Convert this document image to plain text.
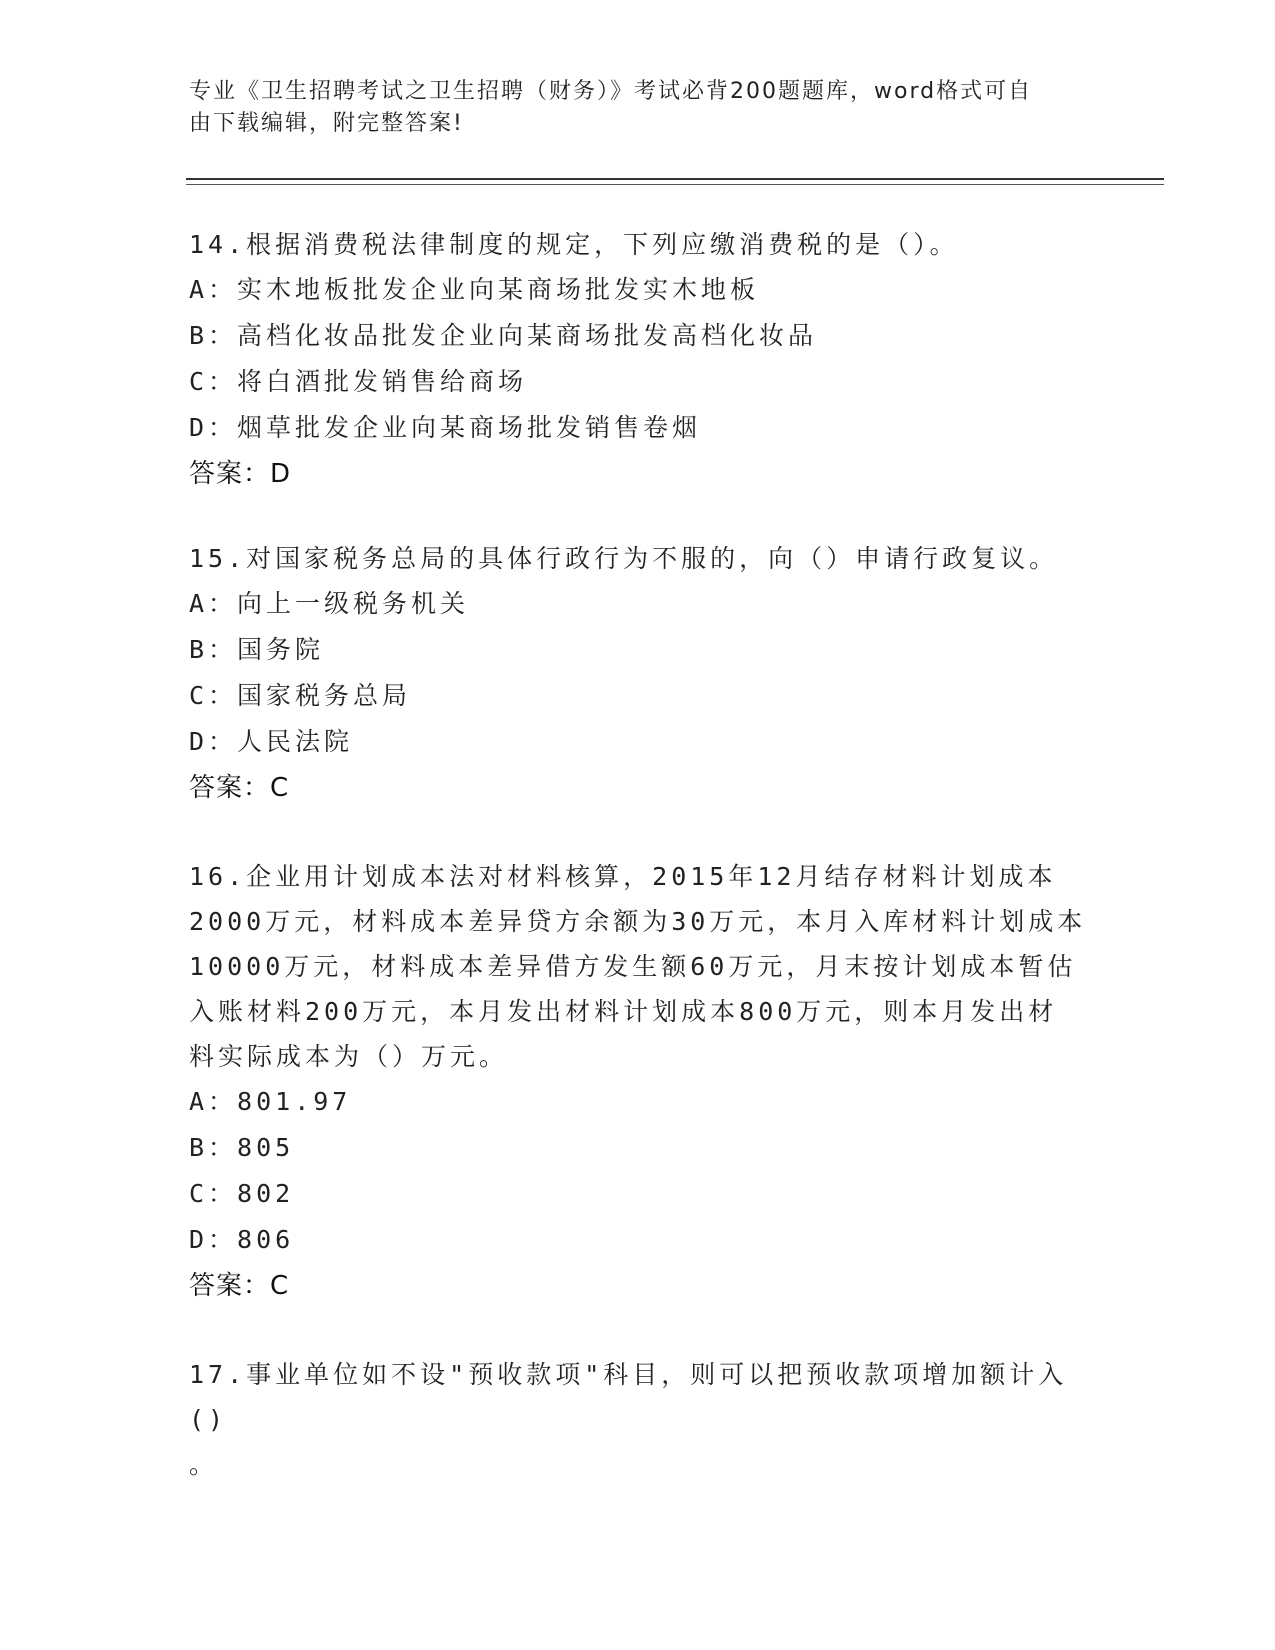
专业《卫生招聘考试之卫生招聘（财务）》考试必背200题题库，word格式可自
由下载编辑，附完整答案!
14.根据消费税法律制度的规定，下列应缴消费税的是（）。
A：实木地板批发企业向某商场批发实木地板
B：高档化妆品批发企业向某商场批发高档化妆品
C：将白酒批发销售给商场
D：烟草批发企业向某商场批发销售卷烟
答案：D
15.对国家税务总局的具体行政行为不服的，向（）申请行政复议。
A：向上一级税务机关
B：国务院
C：国家税务总局
D：人民法院
答案：C
16.企业用计划成本法对材料核算，2015年12月结存材料计划成本
2000万元，材料成本差异贷方余额为30万元，本月入库材料计划成本
10000万元，材料成本差异借方发生额60万元，月末按计划成本暂估
入账材料200万元，本月发出材料计划成本800万元，则本月发出材
料实际成本为（）万元。
A：801.97
B：805
C：802
D：806
答案：C
17.事业单位如不设"预收款项"科目，则可以把预收款项增加额计入()
。
